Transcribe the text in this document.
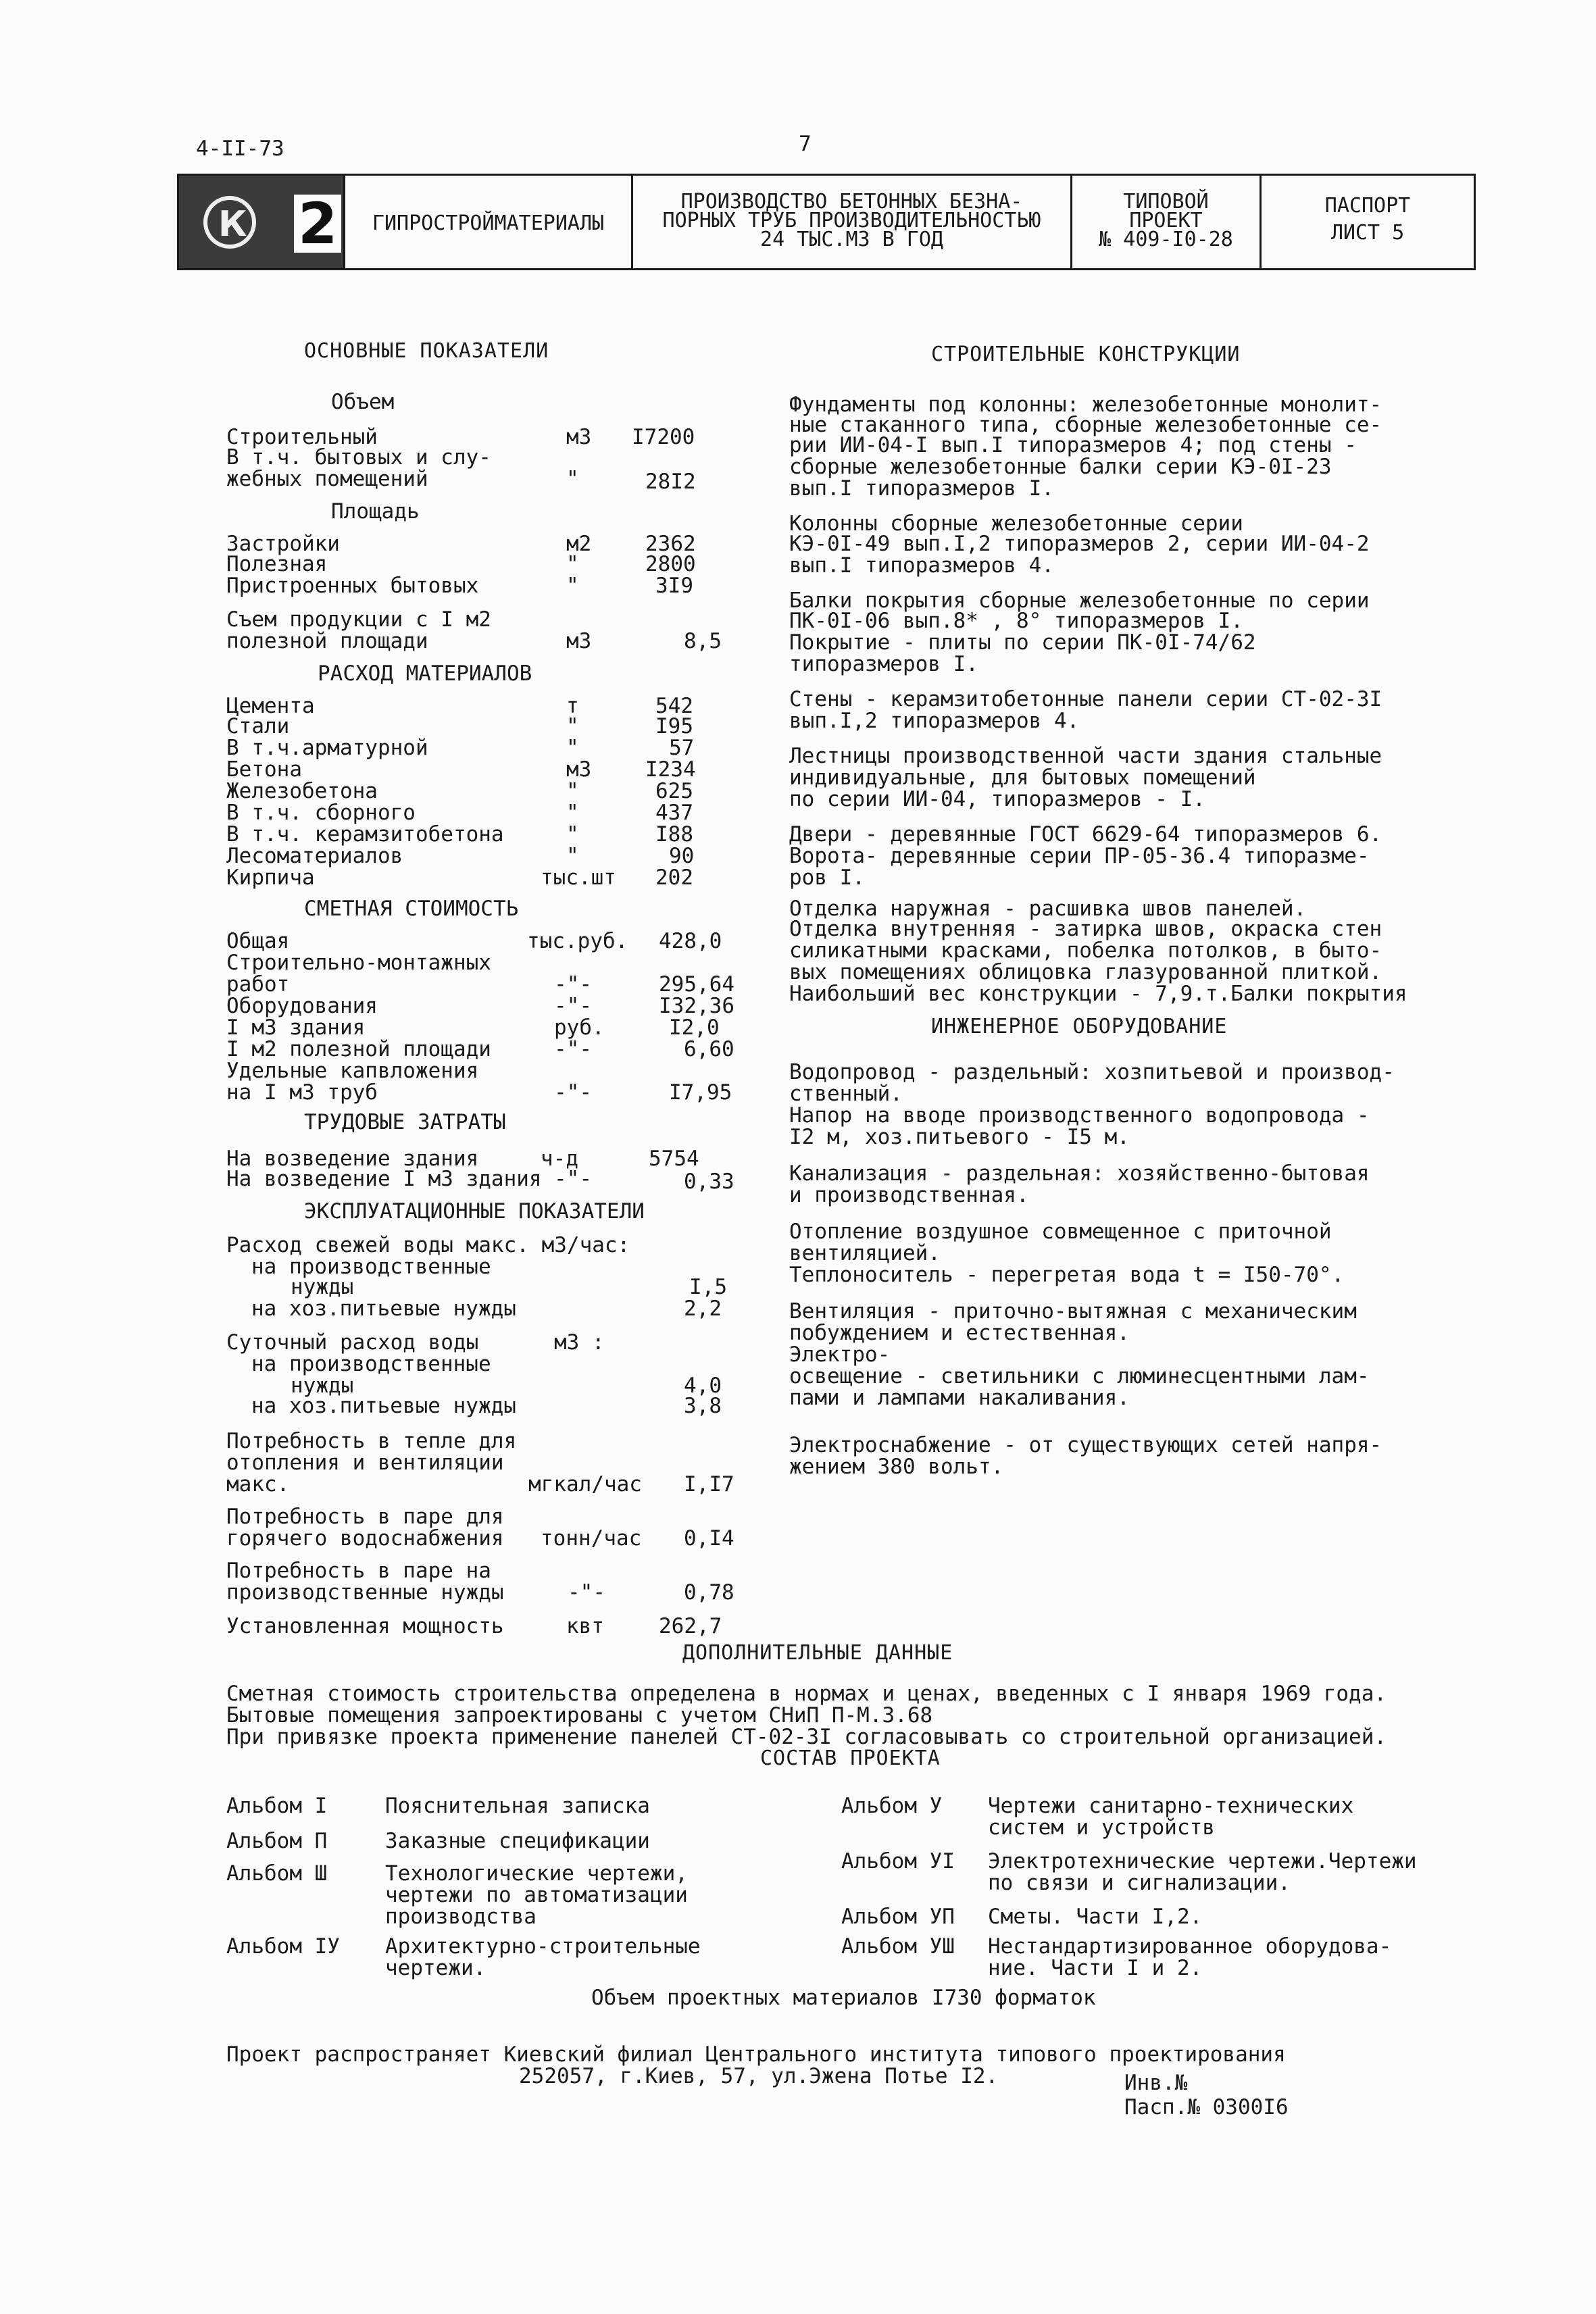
4-II-73	7
К 2	ГИПРОСТРОЙМАТЕРИАЛЫ
ПРОИЗВОДСТВО БЕТОННЫХ БЕЗНА-
ПОРНЫХ ТРУБ ПРОИЗВОДИТЕЛЬНОСТЬЮ
24 ТЫС.М3 В ГОД
ТИПОВОЙ
ПРОЕКТ
№ 409-I0-28
ПАСПОРТ
ЛИСТ 5
ОСНОВНЫЕ ПОКАЗАТЕЛИ
Объем
Строительный	м3 I7200
В т.ч. бытовых и слу-
жебных помещений	"	28I2
Площадь
Застройки	м2	2362
Полезная	"	2800
Пристроенных бытовых	"	3I9
Съем продукции с I м2
полезной площади	м3	8,5
РАСХОД МАТЕРИАЛОВ
Цемента	т	542
Стали	"	I95
В т.ч.арматурной	"	57
Бетона	м3	I234
Железобетона	"	625
В т.ч. сборного	"	437
В т.ч. керамзитобетона	"	I88
Лесоматериалов	"	90
Кирпича	тыс.шт 202
СМЕТНАЯ СТОИМОСТЬ
Общая	тыс.руб. 428,0
Строительно-монтажных
работ	-"-	295,64
Оборудования	-"-	I32,36
I м3 здания	руб.	I2,0
I м2 полезной площади	-"-	6,60
Удельные капвложения
на I м3 труб	-"-	I7,95
ТРУДОВЫЕ ЗАТРАТЫ
На возведение здания	ч-д	5754
На возведение I м3 здания -"-	0,33
ЭКСПЛУАТАЦИОННЫЕ ПОКАЗАТЕЛИ
Расход свежей воды макс. м3/час:
на производственные
нужды	I,5
на хоз.питьевые нужды	2,2
Суточный расход воды	м3 :
на производственные
нужды	4,0
на хоз.питьевые нужды	3,8
Потребность в тепле для
отопления и вентиляции
макс.	мгкал/час I,I7
Потребность в паре для
горячего водоснабжения тонн/час 0,I4
Потребность в паре на
производственные нужды	-"-	0,78
Установленная мощность	квт	262,7
СТРОИТЕЛЬНЫЕ КОНСТРУКЦИИ
Фундаменты под колонны: железобетонные монолит-
ные стаканного типа, сборные железобетонные се-
рии ИИ-04-I вып.I типоразмеров 4; под стены -
сборные железобетонные балки серии КЭ-0I-23
вып.I типоразмеров I.
Колонны сборные железобетонные серии
КЭ-0I-49 вып.I,2 типоразмеров 2, серии ИИ-04-2
вып.I типоразмеров 4.
Балки покрытия сборные железобетонные по серии
ПК-0I-06 вып.8* , 8° типоразмеров I.
Покрытие - плиты по серии ПК-0I-74/62
типоразмеров I.
Стены - керамзитобетонные панели серии СТ-02-3I
вып.I,2 типоразмеров 4.
Лестницы производственной части здания стальные
индивидуальные, для бытовых помещений
по серии ИИ-04, типоразмеров - I.
Двери - деревянные ГОСТ 6629-64 типоразмеров 6.
Ворота- деревянные серии ПР-05-36.4 типоразме-
ров I.
Отделка наружная - расшивка швов панелей.
Отделка внутренняя - затирка швов, окраска стен
силикатными красками, побелка потолков, в быто-
вых помещениях облицовка глазурованной плиткой.
Наибольший вес конструкции - 7,9.т.Балки покрытия
ИНЖЕНЕРНОЕ ОБОРУДОВАНИЕ
Водопровод - раздельный: хозпитьевой и производ-
ственный.
Напор на вводе производственного водопровода -
I2 м, хоз.питьевого - I5 м.
Канализация - раздельная: хозяйственно-бытовая
и производственная.
Отопление воздушное совмещенное с приточной
вентиляцией.
Теплоноситель - перегретая вода t = I50-70°.
Вентиляция - приточно-вытяжная с механическим
побуждением и естественная.
Электро-
освещение - светильники с люминесцентными лам-
пами и лампами накаливания.
Электроснабжение - от существующих сетей напря-
жением 380 вольт.
ДОПОЛНИТЕЛЬНЫЕ ДАННЫЕ
Сметная стоимость строительства определена в нормах и ценах, введенных с I января 1969 года.
Бытовые помещения запроектированы с учетом СНиП П-М.3.68
При привязке проекта применение панелей СТ-02-3I согласовывать со строительной организацией.
СОСТАВ ПРОЕКТА
Альбом I	Пояснительная записка
Альбом П	Заказные спецификации
Альбом Ш	Технологические чертежи,
чертежи по автоматизации
производства
Альбом IУ Архитектурно-строительные
чертежи.
Альбом У Чертежи санитарно-технических
систем и устройств
Альбом УI Электротехнические чертежи.Чертежи
по связи и сигнализации.
Альбом УП Сметы. Части I,2.
Альбом УШ Нестандартизированное оборудова-
ние. Части I и 2.
Объем проектных материалов I730 форматок
Проект распространяет Киевский филиал Центрального института типового проектирования
252057, г.Киев, 57, ул.Эжена Потье I2.	Инв.№
Пасп.№ 0300I6
